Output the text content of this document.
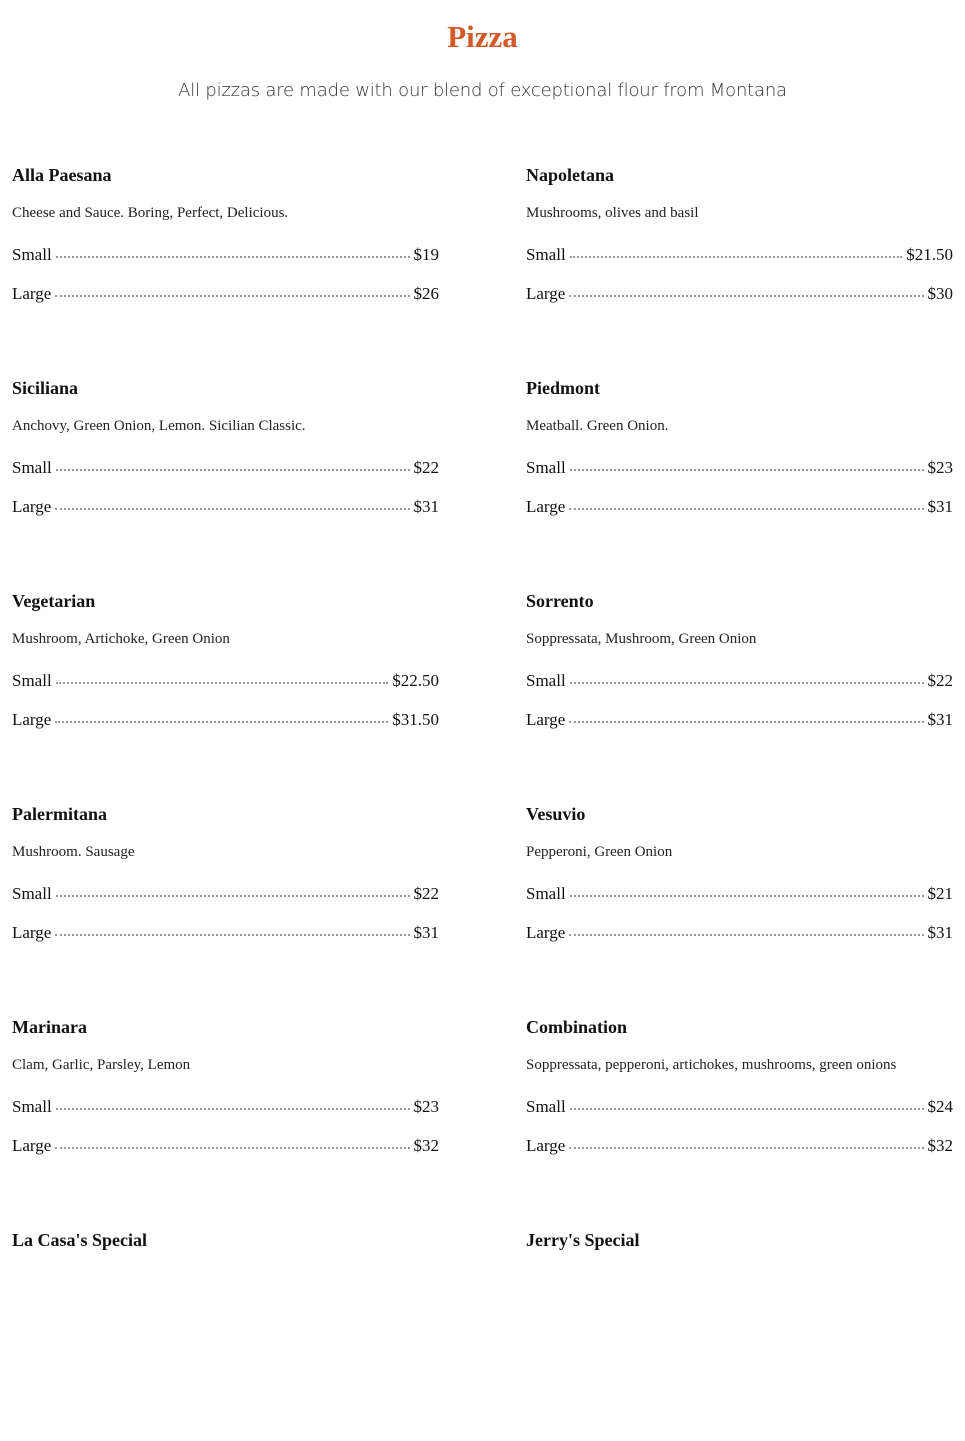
Pizza
All pizzas are made with our blend of exceptional flour from Montana
Alla Paesana
Cheese and Sauce. Boring, Perfect, Delicious.
Small	$19
Large	$26
Napoletana
Mushrooms, olives and basil
Small	$21.50
Large	$30
Siciliana
Anchovy, Green Onion, Lemon. Sicilian Classic.
Small	$22
Large	$31
Piedmont
Meatball. Green Onion.
Small	$23
Large	$31
Vegetarian
Mushroom, Artichoke, Green Onion
Small	$22.50
Large	$31.50
Sorrento
Soppressata, Mushroom, Green Onion
Small	$22
Large	$31
Palermitana
Mushroom. Sausage
Small	$22
Large	$31
Vesuvio
Pepperoni, Green Onion
Small	$21
Large	$31
Marinara
Clam, Garlic, Parsley, Lemon
Small	$23
Large	$32
Combination
Soppressata, pepperoni, artichokes, mushrooms, green onions
Small	$24
Large	$32
La Casa's Special	Jerry's Special
